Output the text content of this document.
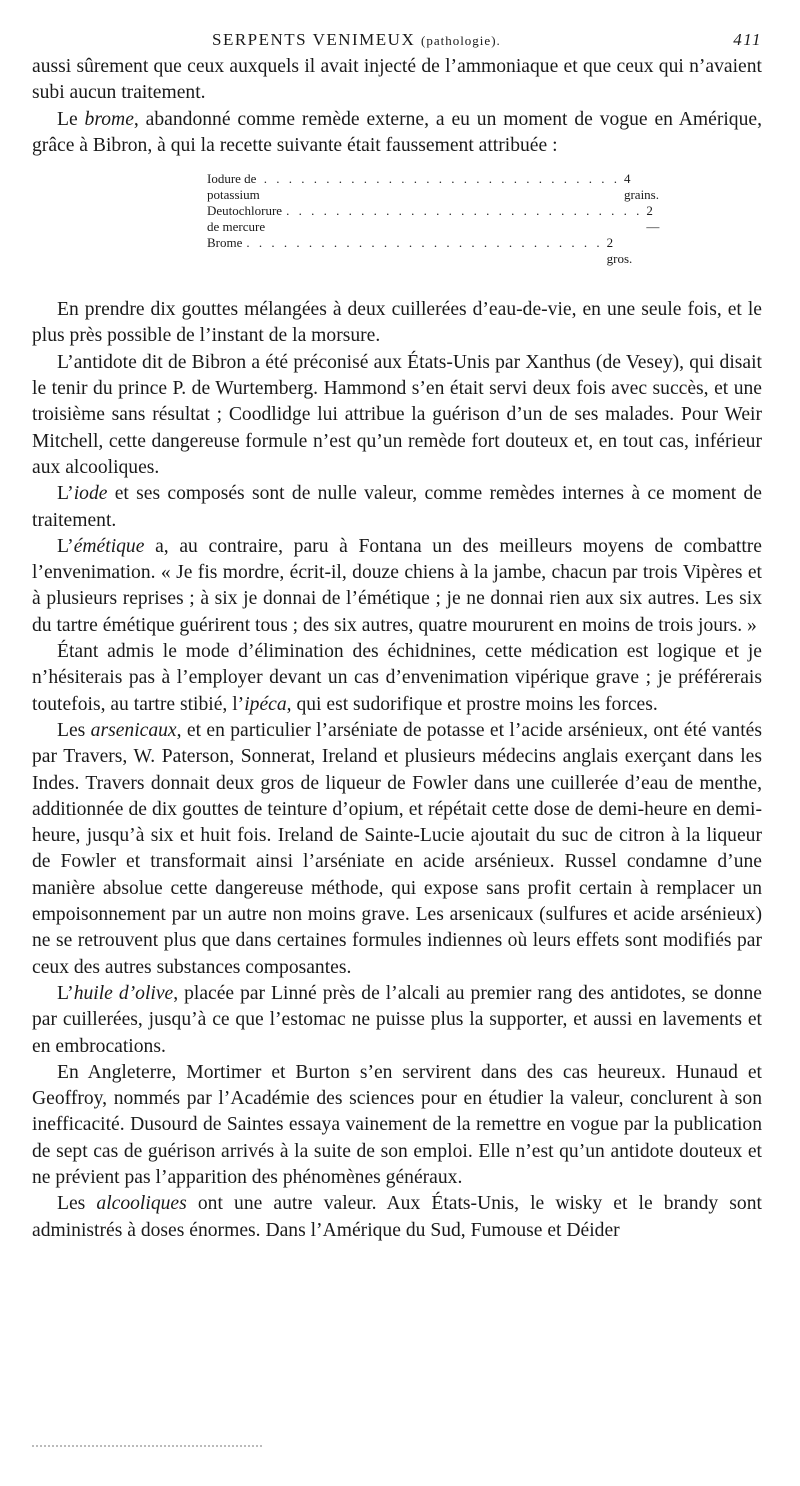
SERPENTS VENIMEUX (pathologie).	411

aussi sûrement que ceux auxquels il avait injecté de l’ammoniaque et que ceux qui n’avaient subi aucun traitement.

Le brome, abandonné comme remède externe, a eu un moment de vogue en Amérique, grâce à Bibron, à qui la recette suivante était faussement attribuée :

Iodure de potassium
. . . . . . . . . . . . . . . . . . . . . . . . . . . . . 4 grains.
Deutochlorure de mercure
. . . . . . . . . . . . . . . . . . . . . . . . . . . . . 2 —
Brome . . . . . . . . . . . . . . . . . . . . . . . . . . . . . 2 gros.

En prendre dix gouttes mélangées à deux cuillerées d’eau-de-vie, en une seule fois, et le plus près possible de l’instant de la morsure.

L’antidote dit de Bibron a été préconisé aux États-Unis par Xanthus (de Vesey), qui disait le tenir du prince P. de Wurtemberg. Hammond s’en était servi deux fois avec succès, et une troisième sans résultat ; Coodlidge lui attribue la guérison d’un de ses malades. Pour Weir Mitchell, cette dangereuse formule n’est qu’un remède fort douteux et, en tout cas, inférieur aux alcooliques.

L’iode et ses composés sont de nulle valeur, comme remèdes internes à ce moment de traitement.

L’émétique a, au contraire, paru à Fontana un des meilleurs moyens de combattre l’envenimation. « Je fis mordre, écrit-il, douze chiens à la jambe, chacun par trois Vipères et à plusieurs reprises ; à six je donnai de l’émétique ; je ne donnai rien aux six autres. Les six du tartre émétique guérirent tous ; des six autres, quatre moururent en moins de trois jours. »

Étant admis le mode d’élimination des échidnines, cette médication est logique et je n’hésiterais pas à l’employer devant un cas d’envenimation vipérique grave ; je préférerais toutefois, au tartre stibié, l’ipéca, qui est sudorifique et prostre moins les forces.

Les arsenicaux, et en particulier l’arséniate de potasse et l’acide arsénieux, ont été vantés par Travers, W. Paterson, Sonnerat, Ireland et plusieurs médecins anglais exerçant dans les Indes. Travers donnait deux gros de liqueur de Fowler dans une cuillerée d’eau de menthe, additionnée de dix gouttes de teinture d’opium, et répétait cette dose de demi-heure en demi-heure, jusqu’à six et huit fois. Ireland de Sainte-Lucie ajoutait du suc de citron à la liqueur de Fowler et transformait ainsi l’arséniate en acide arsénieux. Russel condamne d’une manière absolue cette dangereuse méthode, qui expose sans profit certain à remplacer un empoisonnement par un autre non moins grave. Les arsenicaux (sulfures et acide arsénieux) ne se retrouvent plus que dans certaines formules indiennes où leurs effets sont modifiés par ceux des autres substances composantes.

L’huile d’olive, placée par Linné près de l’alcali au premier rang des antidotes, se donne par cuillerées, jusqu’à ce que l’estomac ne puisse plus la supporter, et aussi en lavements et en embrocations.

En Angleterre, Mortimer et Burton s’en servirent dans des cas heureux. Hunaud et Geoffroy, nommés par l’Académie des sciences pour en étudier la valeur, conclurent à son inefficacité. Dusourd de Saintes essaya vainement de la remettre en vogue par la publication de sept cas de guérison arrivés à la suite de son emploi. Elle n’est qu’un antidote douteux et ne prévient pas l’apparition des phénomènes généraux.

Les alcooliques ont une autre valeur. Aux États-Unis, le wisky et le brandy sont administrés à doses énormes. Dans l’Amérique du Sud, Fumouse et Déider
